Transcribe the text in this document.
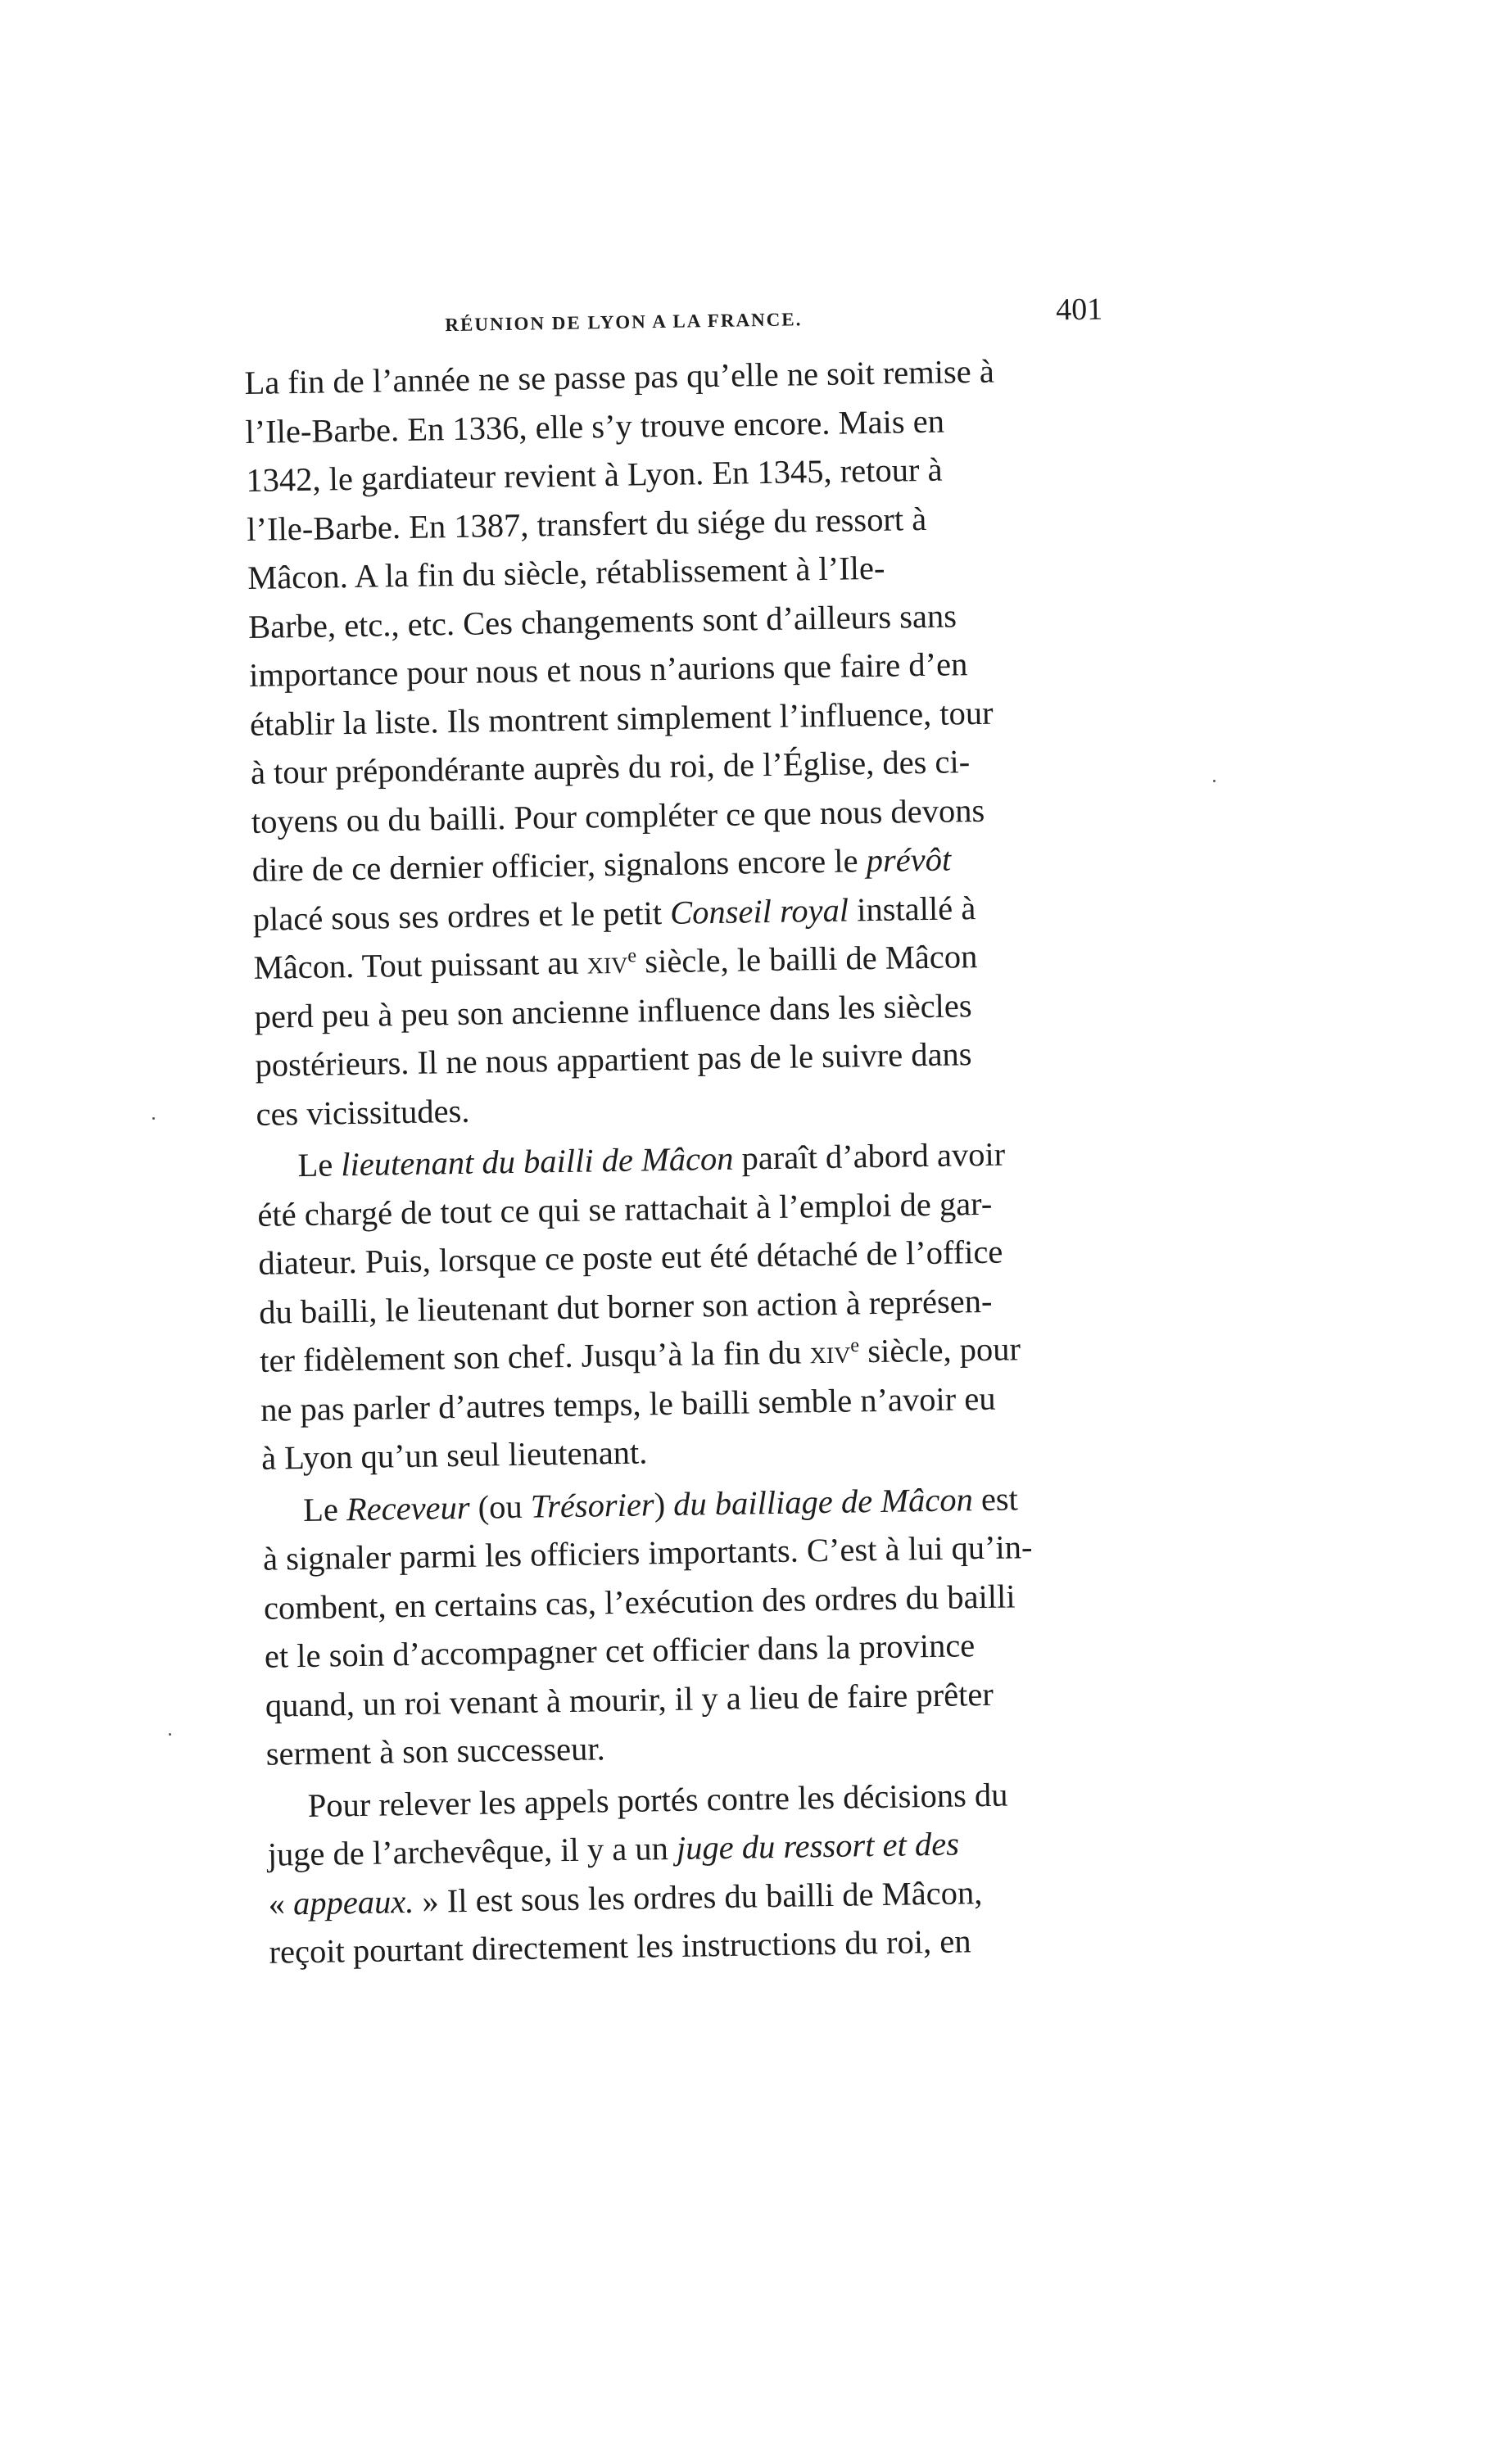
RÉUNION DE LYON A LA FRANCE.	401

La fin de l’année ne se passe pas qu’elle ne soit remise à
l’Ile-Barbe. En 1336, elle s’y trouve encore. Mais en
1342, le gardiateur revient à Lyon. En 1345, retour à
l’Ile-Barbe. En 1387, transfert du siége du ressort à
Mâcon. A la fin du siècle, rétablissement à l’Ile-
Barbe, etc., etc. Ces changements sont d’ailleurs sans
importance pour nous et nous n’aurions que faire d’en
établir la liste. Ils montrent simplement l’influence, tour
à tour prépondérante auprès du roi, de l’Église, des ci-
toyens ou du bailli. Pour compléter ce que nous devons
dire de ce dernier officier, signalons encore le prévôt
placé sous ses ordres et le petit Conseil royal installé à
Mâcon. Tout puissant au xiv$^e$ siècle, le bailli de Mâcon
perd peu à peu son ancienne influence dans les siècles
postérieurs. Il ne nous appartient pas de le suivre dans
ces vicissitudes.

Le lieutenant du bailli de Mâcon paraît d’abord avoir
été chargé de tout ce qui se rattachait à l’emploi de gar-
diateur. Puis, lorsque ce poste eut été détaché de l’office
du bailli, le lieutenant dut borner son action à représen-
ter fidèlement son chef. Jusqu’à la fin du xiv$^e$ siècle, pour
ne pas parler d’autres temps, le bailli semble n’avoir eu
à Lyon qu’un seul lieutenant.

Le Receveur (ou Trésorier) du bailliage de Mâcon est
à signaler parmi les officiers importants. C’est à lui qu’in-
combent, en certains cas, l’exécution des ordres du bailli
et le soin d’accompagner cet officier dans la province
quand, un roi venant à mourir, il y a lieu de faire prêter
serment à son successeur.

Pour relever les appels portés contre les décisions du
juge de l’archevêque, il y a un juge du ressort et des
« appeaux. » Il est sous les ordres du bailli de Mâcon,
reçoit pourtant directement les instructions du roi, en
